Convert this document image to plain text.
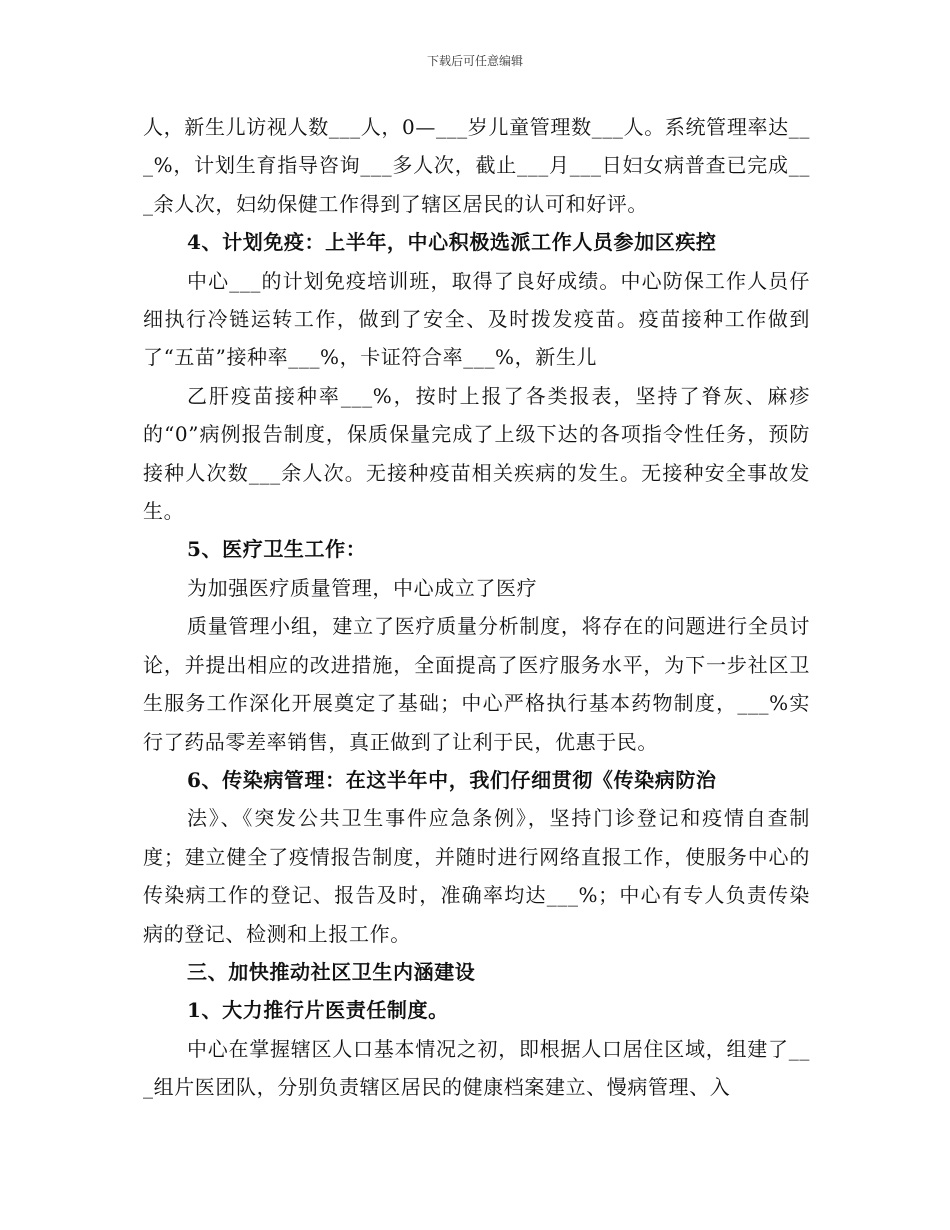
下载后可任意编辑

人，新生儿访视人数___人，0—___岁儿童管理数___人。系统管理率达___%，计划生育指导咨询___多人次，截止___月___日妇女病普查已完成___余人次，妇幼保健工作得到了辖区居民的认可和好评。

4、计划免疫：上半年，中心积极选派工作人员参加区疾控

中心___的计划免疫培训班，取得了良好成绩。中心防保工作人员仔细执行冷链运转工作，做到了安全、及时拨发疫苗。疫苗接种工作做到了“五苗”接种率___%，卡证符合率___%，新生儿

乙肝疫苗接种率___%，按时上报了各类报表，坚持了脊灰、麻疹的“0”病例报告制度，保质保量完成了上级下达的各项指令性任务，预防接种人次数___余人次。无接种疫苗相关疾病的发生。无接种安全事故发生。

5、医疗卫生工作：

为加强医疗质量管理，中心成立了医疗

质量管理小组，建立了医疗质量分析制度，将存在的问题进行全员讨论，并提出相应的改进措施，全面提高了医疗服务水平，为下一步社区卫生服务工作深化开展奠定了基础；中心严格执行基本药物制度，___%实行了药品零差率销售，真正做到了让利于民，优惠于民。

6、传染病管理：在这半年中，我们仔细贯彻《传染病防治

法》、《突发公共卫生事件应急条例》，坚持门诊登记和疫情自查制度；建立健全了疫情报告制度，并随时进行网络直报工作，使服务中心的传染病工作的登记、报告及时，准确率均达___%；中心有专人负责传染病的登记、检测和上报工作。

三、加快推动社区卫生内涵建设

1、大力推行片医责任制度。

中心在掌握辖区人口基本情况之初，即根据人口居住区域，组建了___组片医团队，分别负责辖区居民的健康档案建立、慢病管理、入
